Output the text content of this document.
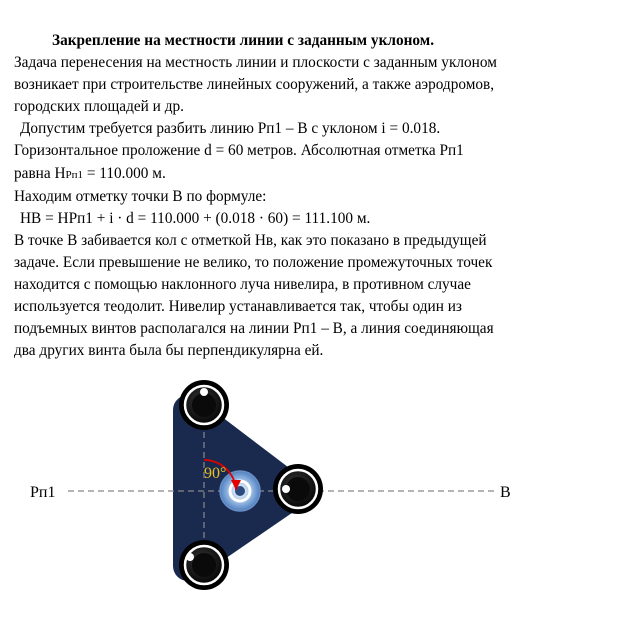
Закрепление на местности линии с заданным уклоном.
Задача перенесения на местность линии и плоскости с заданным уклоном
возникает при строительстве линейных сооружений, а также аэродромов,
городских площадей и др.
Допустим требуется разбить линию Рп1 – В с уклоном i = 0.018.
Горизонтальное проложение d = 60 метров. Абсолютная отметка Рп1
равна HРп1 = 110.000 м.
Находим отметку точки В по формуле:
HB = HРп1 + i · d = 110.000 + (0.018 · 60) = 111.100 м.
В точке В забивается кол с отметкой Hв, как это показано в предыдущей
задаче. Если превышение не велико, то положение промежуточных точек
находится с помощью наклонного луча нивелира, в противном случае
используется теодолит. Нивелир устанавливается так, чтобы один из
подъемных винтов располагался на линии Рп1 – В, а линия соединяющая
два других винта была бы перпендикулярна ей.
90°
Рп1	В
